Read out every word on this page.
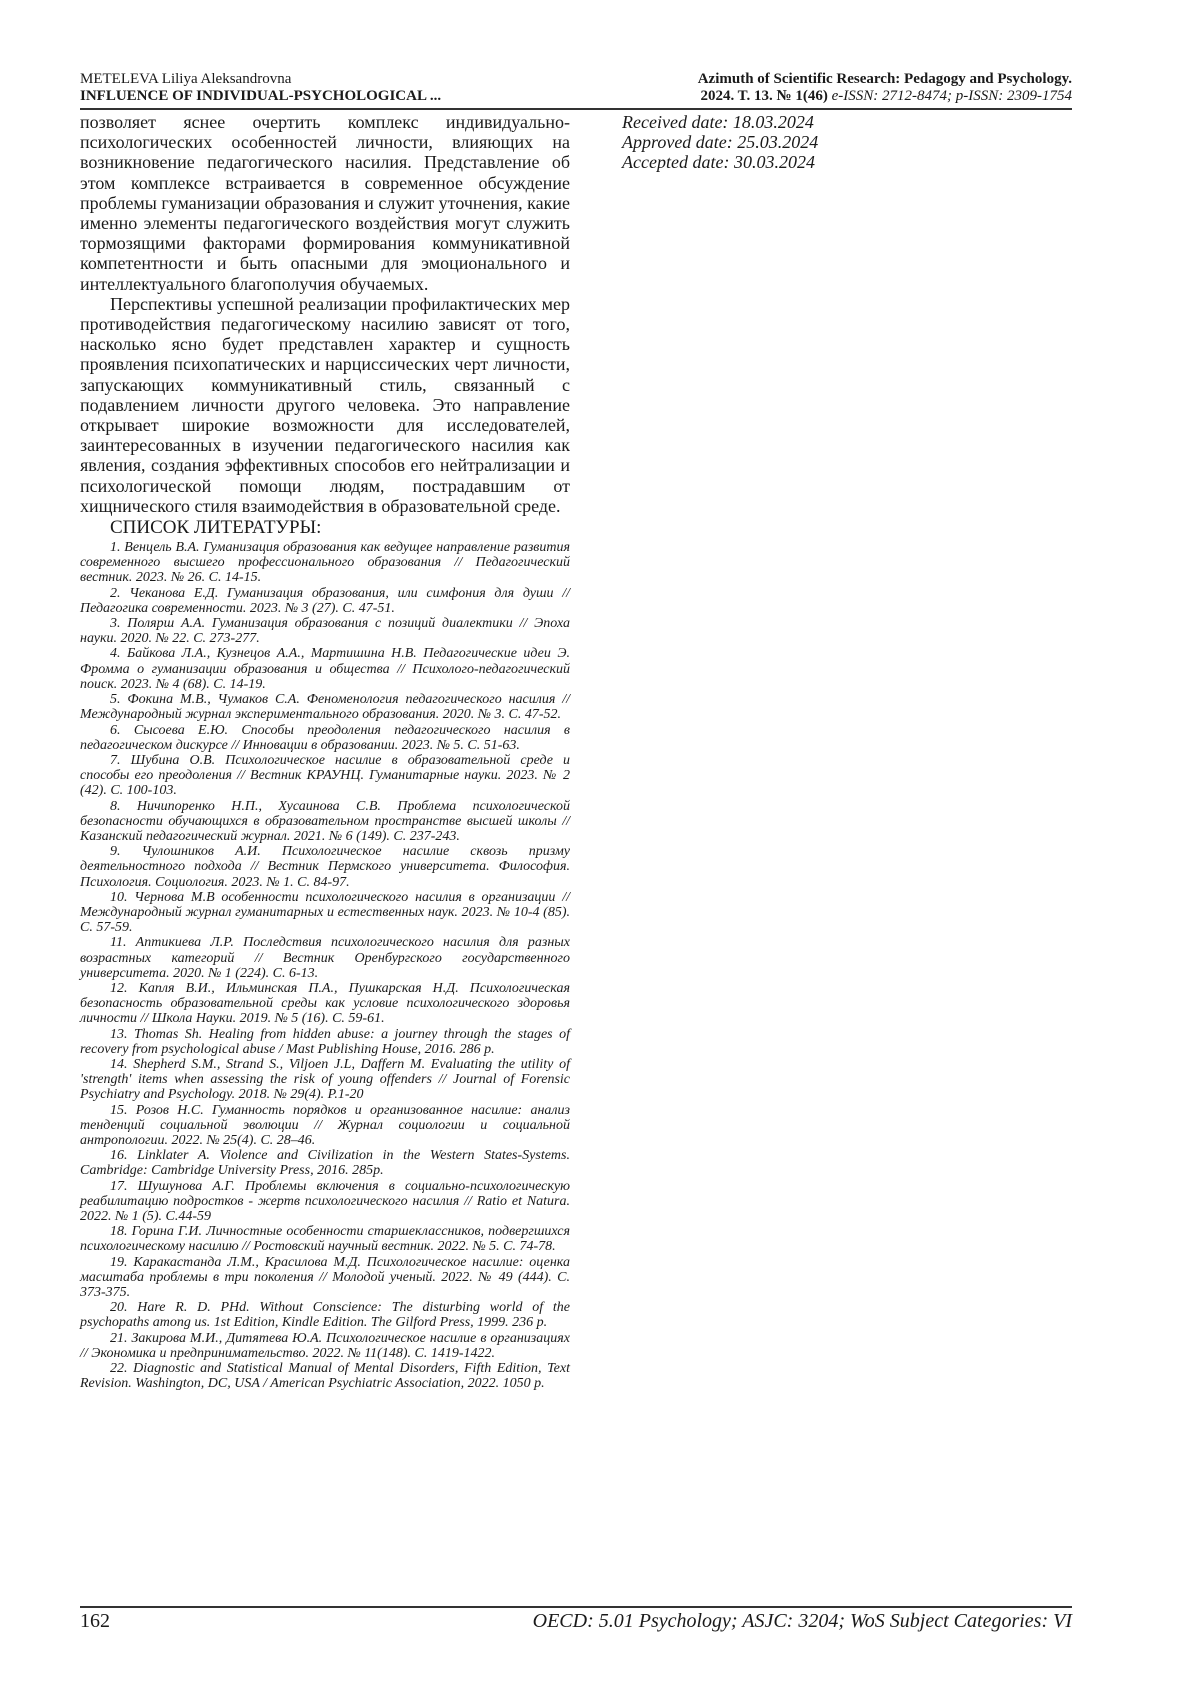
METELEVA Liliya Aleksandrovna
INFLUENCE OF INDIVIDUAL-PSYCHOLOGICAL ...
Azimuth of Scientific Research: Pedagogy and Psychology.
2024. T. 13. № 1(46) e-ISSN: 2712-8474; p-ISSN: 2309-1754

позволяет яснее очертить комплекс индивидуально-психологических особенностей личности, влияющих на возникновение педагогического насилия. Представление об этом комплексе встраивается в современное обсуждение проблемы гуманизации образования и служит уточнения, какие именно элементы педагогического воздействия могут служить тормозящими факторами формирования коммуникативной компетентности и быть опасными для эмоционального и интеллектуального благополучия обучаемых.

Перспективы успешной реализации профилактических мер противодействия педагогическому насилию зависят от того, насколько ясно будет представлен характер и сущность проявления психопатических и нарциссических черт личности, запускающих коммуникативный стиль, связанный с подавлением личности другого человека. Это направление открывает широкие возможности для исследователей, заинтересованных в изучении педагогического насилия как явления, создания эффективных способов его нейтрализации и психологической помощи людям, пострадавшим от хищнического стиля взаимодействия в образовательной среде.

СПИСОК ЛИТЕРАТУРЫ:

1. Венцель В.А. Гуманизация образования как ведущее направление развития современного высшего профессионального образования // Педагогический вестник. 2023. № 26. С. 14-15.

2. Чеканова Е.Д. Гуманизация образования, или симфония для души // Педагогика современности. 2023. № 3 (27). С. 47-51.

3. Полярш А.А. Гуманизация образования с позиций диалектики // Эпоха науки. 2020. № 22. С. 273-277.

4. Байкова Л.А., Кузнецов А.А., Мартишина Н.В. Педагогические идеи Э. Фромма о гуманизации образования и общества // Психолого-педагогический поиск. 2023. № 4 (68). С. 14-19.

5. Фокина М.В., Чумаков С.А. Феноменология педагогического насилия // Международный журнал экспериментального образования. 2020. № 3. С. 47-52.

6. Сысоева Е.Ю. Способы преодоления педагогического насилия в педагогическом дискурсе // Инновации в образовании. 2023. № 5. С. 51-63.

7. Шубина О.В. Психологическое насилие в образовательной среде и способы его преодоления // Вестник КРАУНЦ. Гуманитарные науки. 2023. № 2 (42). С. 100-103.

8. Ничипоренко Н.П., Хусаинова С.В. Проблема психологической безопасности обучающихся в образовательном пространстве высшей школы // Казанский педагогический журнал. 2021. № 6 (149). С. 237-243.

9. Чулошников А.И. Психологическое насилие сквозь призму деятельностного подхода // Вестник Пермского университета. Философия. Психология. Социология. 2023. № 1. С. 84-97.

10. Чернова М.В особенности психологического насилия в организации // Международный журнал гуманитарных и естественных наук. 2023. № 10-4 (85). С. 57-59.

11. Аптикиева Л.Р. Последствия психологического насилия для разных возрастных категорий // Вестник Оренбургского государственного университета. 2020. № 1 (224). С. 6-13.

12. Капля В.И., Ильминская П.А., Пушкарская Н.Д. Психологическая безопасность образовательной среды как условие психологического здоровья личности // Школа Науки. 2019. № 5 (16). С. 59-61.

13. Thomas Sh. Healing from hidden abuse: a journey through the stages of recovery from psychological abuse / Mast Publishing House, 2016. 286 p.

14. Shepherd S.M., Strand S., Viljoen J.L, Daffern M. Evaluating the utility of 'strength' items when assessing the risk of young offenders // Journal of Forensic Psychiatry and Psychology. 2018. № 29(4). P.1-20

15. Розов Н.С. Гуманность порядков и организованное насилие: анализ тенденций социальной эволюции // Журнал социологии и социальной антропологии. 2022. № 25(4). С. 28–46.

16. Linklater A. Violence and Civilization in the Western States-Systems. Cambridge: Cambridge University Press, 2016. 285p.

17. Шушунова А.Г. Проблемы включения в социально-психологическую реабилитацию подростков - жертв психологического насилия // Ratio et Natura. 2022. № 1 (5). С.44-59

18. Горина Г.И. Личностные особенности старшеклассников, подвергшихся психологическому насилию // Ростовский научный вестник. 2022. № 5. С. 74-78.

19. Каракастанда Л.М., Красилова М.Д. Психологическое насилие: оценка масштаба проблемы в три поколения // Молодой ученый. 2022. № 49 (444). С. 373-375.

20. Hare R. D. PHd. Without Conscience: The disturbing world of the psychopaths among us. 1st Edition, Kindle Edition. The Gilford Press, 1999. 236 p.

21. Закирова М.И., Дитятева Ю.А. Психологическое насилие в организациях // Экономика и предпринимательство. 2022. № 11(148). С. 1419-1422.

22. Diagnostic and Statistical Manual of Mental Disorders, Fifth Edition, Text Revision. Washington, DC, USA / American Psychiatric Association, 2022. 1050 p.

Received date: 18.03.2024

Approved date: 25.03.2024

Accepted date: 30.03.2024

162	OECD: 5.01 Psychology; ASJC: 3204; WoS Subject Categories: VI
